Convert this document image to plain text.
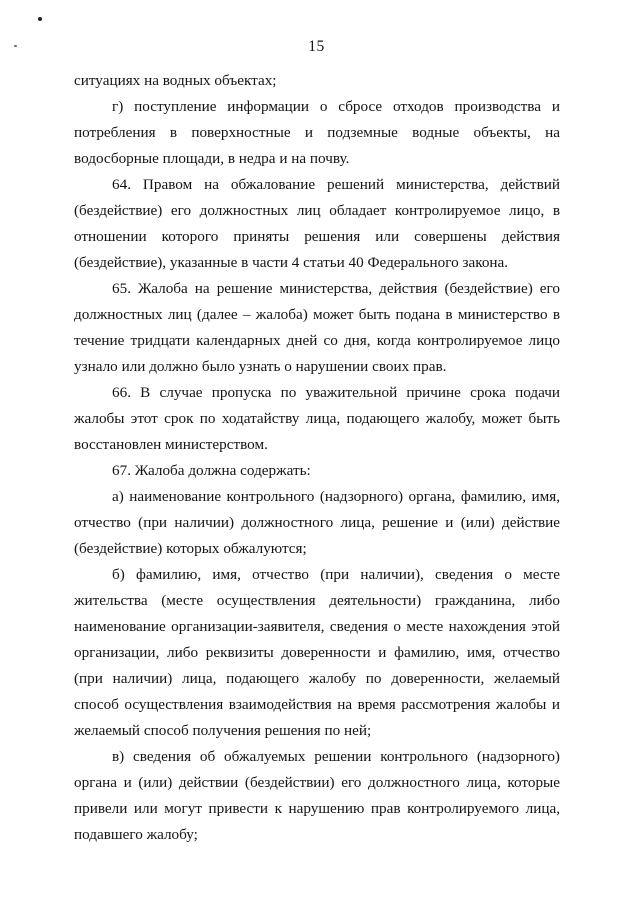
15

ситуациях на водных объектах;

г) поступление информации о сбросе отходов производства и потребления в поверхностные и подземные водные объекты, на водосборные площади, в недра и на почву.

64. Правом на обжалование решений министерства, действий (бездействие) его должностных лиц обладает контролируемое лицо, в отношении которого приняты решения или совершены действия (бездействие), указанные в части 4 статьи 40 Федерального закона.

65. Жалоба на решение министерства, действия (бездействие) его должностных лиц (далее – жалоба) может быть подана в министерство в течение тридцати календарных дней со дня, когда контролируемое лицо узнало или должно было узнать о нарушении своих прав.

66. В случае пропуска по уважительной причине срока подачи жалобы этот срок по ходатайству лица, подающего жалобу, может быть восстановлен министерством.

67. Жалоба должна содержать:

а) наименование контрольного (надзорного) органа, фамилию, имя, отчество (при наличии) должностного лица, решение и (или) действие (бездействие) которых обжалуются;

б) фамилию, имя, отчество (при наличии), сведения о месте жительства (месте осуществления деятельности) гражданина, либо наименование организации-заявителя, сведения о месте нахождения этой организации, либо реквизиты доверенности и фамилию, имя, отчество (при наличии) лица, подающего жалобу по доверенности, желаемый способ осуществления взаимодействия на время рассмотрения жалобы и желаемый способ получения решения по ней;

в) сведения об обжалуемых решении контрольного (надзорного) органа и (или) действии (бездействии) его должностного лица, которые привели или могут привести к нарушению прав контролируемого лица, подавшего жалобу;
